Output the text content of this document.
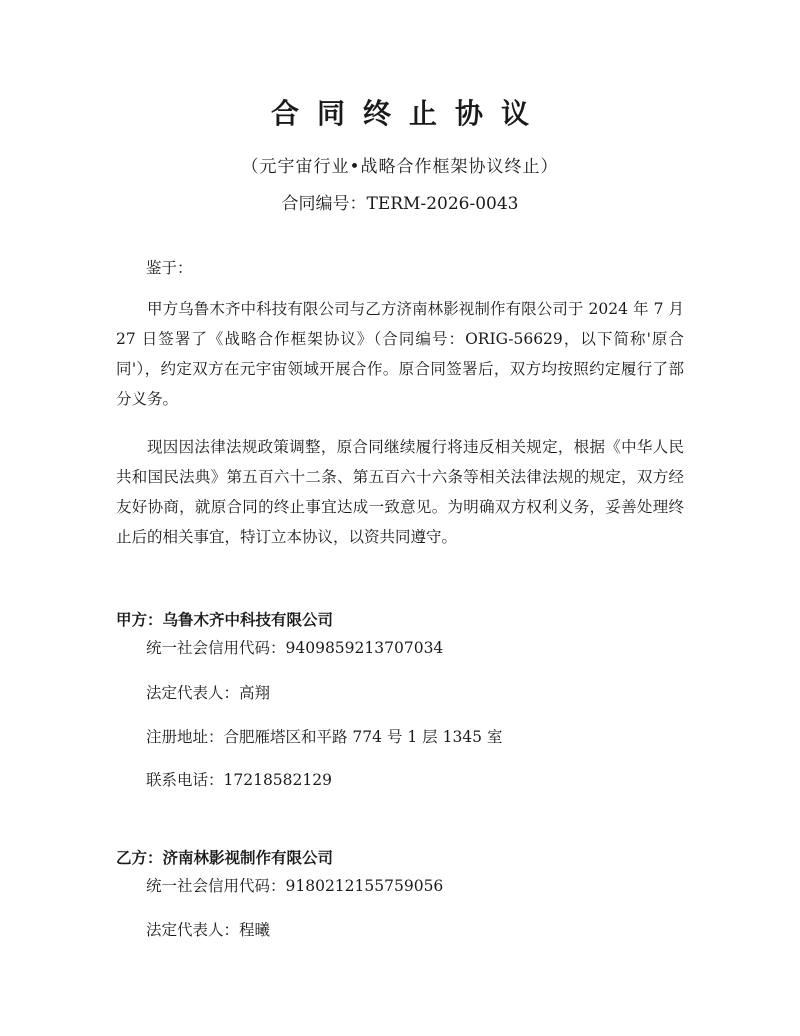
合同终止协议
（元宇宙行业•战略合作框架协议终止）
合同编号：TERM-2026-0043
鉴于：
甲方乌鲁木齐中科技有限公司与乙方济南林影视制作有限公司于 2024 年 7 月 27 日签署了《战略合作框架协议》（合同编号：ORIG-56629，以下简称'原合同'），约定双方在元宇宙领域开展合作。原合同签署后，双方均按照约定履行了部分义务。
现因因法律法规政策调整，原合同继续履行将违反相关规定，根据《中华人民共和国民法典》第五百六十二条、第五百六十六条等相关法律法规的规定，双方经友好协商，就原合同的终止事宜达成一致意见。为明确双方权利义务，妥善处理终止后的相关事宜，特订立本协议，以资共同遵守。
甲方：乌鲁木齐中科技有限公司
统一社会信用代码：9409859213707034
法定代表人：高翔
注册地址：合肥雁塔区和平路 774 号 1 层 1345 室
联系电话：17218582129
乙方：济南林影视制作有限公司
统一社会信用代码：9180212155759056
法定代表人：程曦
